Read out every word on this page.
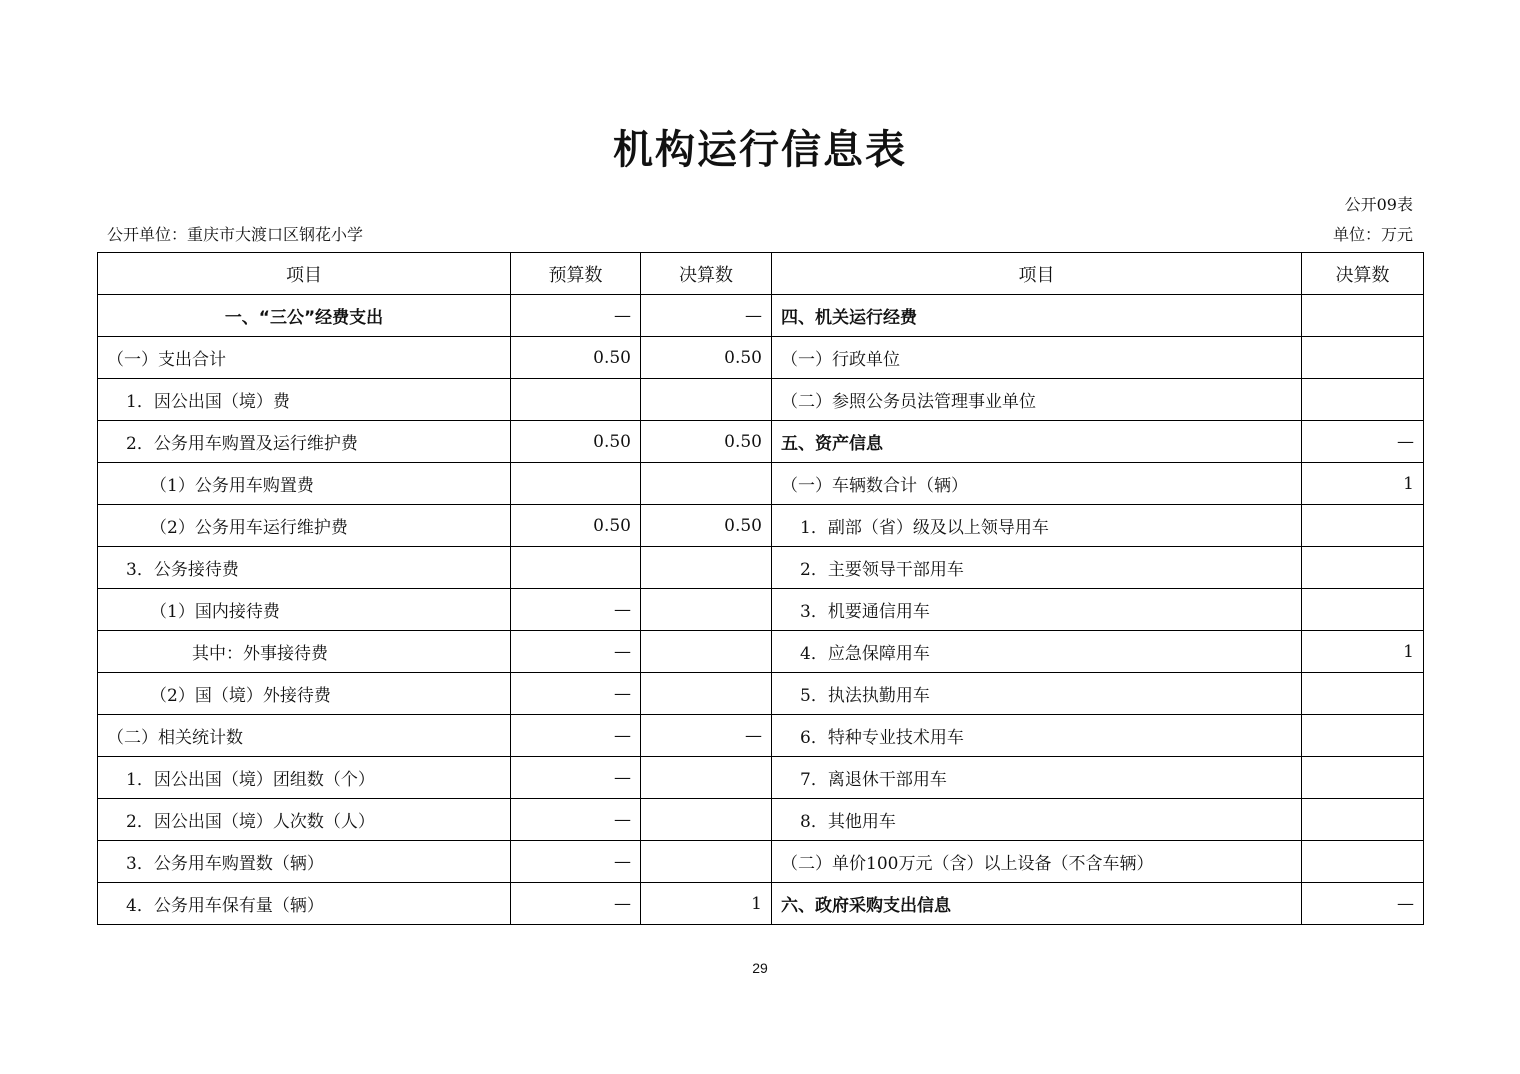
机构运行信息表
公开09表
公开单位：重庆市大渡口区钢花小学	单位：万元
项目	预算数	决算数	项目	决算数
一、“三公”经费支出	—	—	四、机关运行经费	
（一）支出合计	0.50	0.50	（一）行政单位	
1．因公出国（境）费			（二）参照公务员法管理事业单位	
2．公务用车购置及运行维护费	0.50	0.50	五、资产信息	—
（1）公务用车购置费			（一）车辆数合计（辆）	1
（2）公务用车运行维护费	0.50	0.50	1．副部（省）级及以上领导用车	
3．公务接待费			2．主要领导干部用车	
（1）国内接待费	—		3．机要通信用车	
其中：外事接待费	—		4．应急保障用车	1
（2）国（境）外接待费	—		5．执法执勤用车	
（二）相关统计数	—	—	6．特种专业技术用车	
1．因公出国（境）团组数（个）	—		7．离退休干部用车	
2．因公出国（境）人次数（人）	—		8．其他用车	
3．公务用车购置数（辆）	—		（二）单价100万元（含）以上设备（不含车辆）	
4．公务用车保有量（辆）	—	1	六、政府采购支出信息	—
29
